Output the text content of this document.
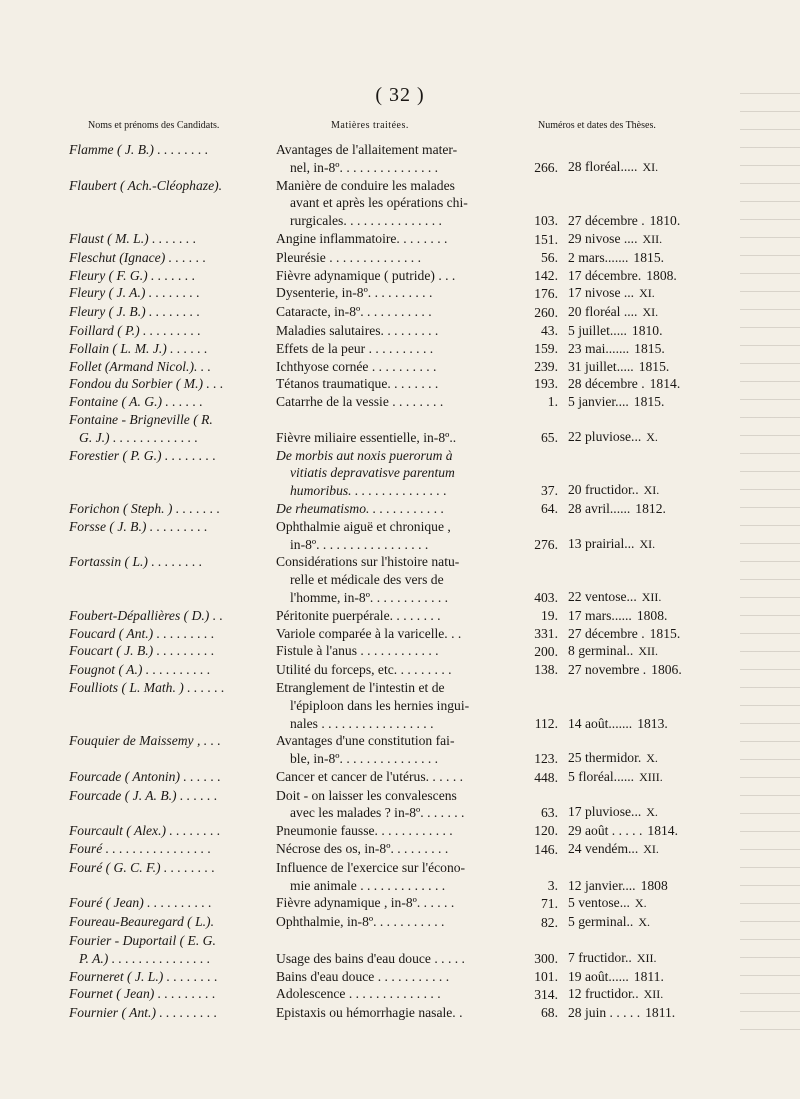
( 32 )
Noms et prénoms des Candidats.	Matières traitées.	Numéros et dates des Thèses.
Flamme ( J. B.) . . . . . . . .	Avantages de l'allaitement mater-
nel, in-8º. . . . . . . . . . . . . . .	266. 28 floréal..... XI.
Flaubert ( Ach.-Cléophaze).	Manière de conduire les malades
avant et après les opérations chi-
rurgicales. . . . . . . . . . . . . . .	103. 27 décembre . 1810.
Flaust ( M. L.) . . . . . . .	Angine inflammatoire. . . . . . . .	151. 29 nivose .... XII.
Fleschut (Ignace) . . . . . .	Pleurésie . . . . . . . . . . . . . .	56. 2 mars....... 1815.
Fleury ( F. G.) . . . . . . .	Fièvre adynamique ( putride) . . .	142. 17 décembre. 1808.
Fleury ( J. A.) . . . . . . . .	Dysenterie, in-8º. . . . . . . . . .	176. 17 nivose ... XI.
Fleury ( J. B.) . . . . . . . .	Cataracte, in-8º. . . . . . . . . . .	260. 20 floréal .... XI.
Foillard ( P.) . . . . . . . . .	Maladies salutaires. . . . . . . . .	43. 5 juillet..... 1810.
Follain ( L. M. J.) . . . . . .	Effets de la peur . . . . . . . . . .	159. 23 mai....... 1815.
Follet (Armand Nicol.). . .	Ichthyose cornée . . . . . . . . . .	239. 31 juillet..... 1815.
Fondou du Sorbier ( M.) . . .	Tétanos traumatique. . . . . . . .	193. 28 décembre . 1814.
Fontaine ( A. G.) . . . . . .	Catarrhe de la vessie . . . . . . . .	1. 5 janvier.... 1815.
Fontaine - Brigneville ( R.
G. J.) . . . . . . . . . . . . .
	Fièvre miliaire essentielle, in-8º..	65. 22 pluviose... X.
Forestier ( P. G.) . . . . . . . .	De morbis aut noxis puerorum à
vitiatis depravatisve parentum
humoribus. . . . . . . . . . . . . . .	37. 20 fructidor.. XI.
Forichon ( Steph. ) . . . . . . .	De rheumatismo. . . . . . . . . . . .	64. 28 avril...... 1812.
Forsse ( J. B.) . . . . . . . . .	Ophthalmie aiguë et chronique ,
in-8º. . . . . . . . . . . . . . . . .	276. 13 prairial... XI.
Fortassin ( L.) . . . . . . . .	Considérations sur l'histoire natu-
relle et médicale des vers de
l'homme, in-8º. . . . . . . . . . . .	403. 22 ventose... XII.
Foubert-Dépallières ( D.) . .	Péritonite puerpérale. . . . . . . .	19. 17 mars...... 1808.
Foucard ( Ant.) . . . . . . . . .	Variole comparée à la varicelle. . .	331. 27 décembre . 1815.
Foucart ( J. B.) . . . . . . . . .	Fistule à l'anus . . . . . . . . . . . .	200. 8 germinal.. XII.
Fougnot ( A.) . . . . . . . . . .	Utilité du forceps, etc. . . . . . . . .	138. 27 novembre . 1806.
Foulliots ( L. Math. ) . . . . . .	Etranglement de l'intestin et de
l'épiploon dans les hernies ingui-
nales . . . . . . . . . . . . . . . . .	112. 14 août....... 1813.
Fouquier de Maissemy , . . .	Avantages d'une constitution fai-
ble, in-8º. . . . . . . . . . . . . . .	123. 25 thermidor. X.
Fourcade ( Antonin) . . . . . .	Cancer et cancer de l'utérus. . . . . .	448. 5 floréal...... XIII.
Fourcade ( J. A. B.) . . . . . .	Doit - on laisser les convalescens
avec les malades ? in-8º. . . . . . .	63. 17 pluviose... X.
Fourcault ( Alex.) . . . . . . . .	Pneumonie fausse. . . . . . . . . . . .	120. 29 août . . . . . 1814.
Fouré . . . . . . . . . . . . . . . .	Nécrose des os, in-8º. . . . . . . . .	146. 24 vendém... XI.
Fouré ( G. C. F.) . . . . . . . .	Influence de l'exercice sur l'écono-
mie animale . . . . . . . . . . . . .	3. 12 janvier.... 1808
Fouré ( Jean) . . . . . . . . . .	Fièvre adynamique , in-8º. . . . . .	71. 5 ventose... X.
Foureau-Beauregard ( L.).	Ophthalmie, in-8º. . . . . . . . . . .	82. 5 germinal.. X.
Fourier - Duportail ( E. G.
P. A.) . . . . . . . . . . . . . . .
	Usage des bains d'eau douce . . . . .	300. 7 fructidor.. XII.
Fourneret ( J. L.) . . . . . . . .	Bains d'eau douce . . . . . . . . . . .	101. 19 août...... 1811.
Fournet ( Jean) . . . . . . . . .	Adolescence . . . . . . . . . . . . . .	314. 12 fructidor.. XII.
Fournier ( Ant.) . . . . . . . . .	Epistaxis ou hémorrhagie nasale. .	68. 28 juin . . . . . 1811.
